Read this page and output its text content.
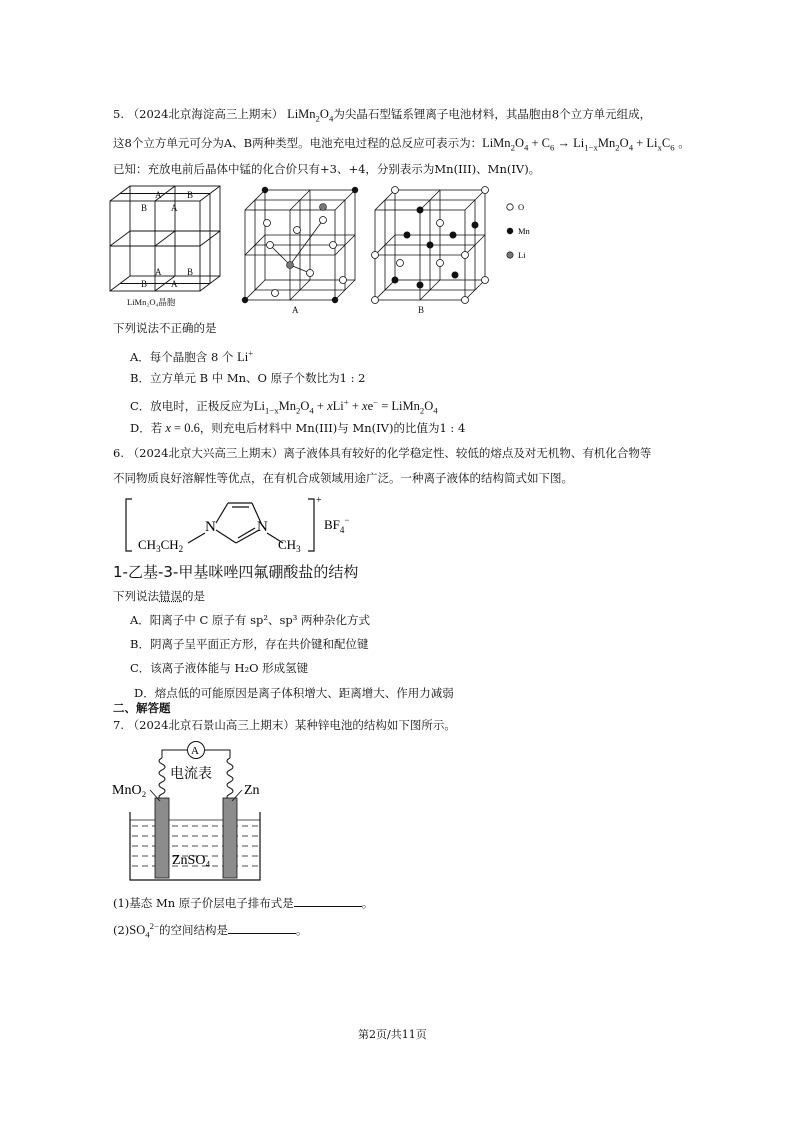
5. （2024北京海淀高三上期末） $LiMn_2O_4$为尖晶石型锰系锂离子电池材料，其晶胞由8个立方单元组成，
这8个立方单元可分为A、B两种类型。电池充电过程的总反应可表示为：$LiMn_2O_4 + C_6 \to Li_{1-x}Mn_2O_4 + Li_xC_6$ 。
已知：充放电前后晶体中锰的化合价只有+3、+4，分别表示为Mn(III)、Mn(IV)。
A	B
B	A
A	B
B	A
LiMn₂O₄晶胞
A	B
O
Mn
Li
下列说法不正确的是
A．每个晶胞含 8 个 Li+
B．立方单元 B 中 Mn、O 原子个数比为1 : 2
C．放电时，正极反应为$Li_{1-x}Mn_2O_4 + xLi^+ + xe^-$ = $LiMn_2O_4$
D．若 x = 0.6，则充电后材料中 Mn(III)与 Mn(IV)的比值为1 : 4
6. （2024北京大兴高三上期末）离子液体具有较好的化学稳定性、较低的熔点及对无机物、有机化合物等
不同物质良好溶解性等优点，在有机合成领域用途广泛。一种离子液体的结构简式如下图。
N	N
$CH_3CH_2$	$CH_3$
+
$BF_4^-$
1-乙基-3-甲基咪唑四氟硼酸盐的结构
下列说法错误的是
A．阳离子中 C 原子有 sp²、sp³ 两种杂化方式
B．阴离子呈平面正方形，存在共价键和配位键
C．该离子液体能与 H₂O 形成氢键
D．熔点低的可能原因是离子体积增大、距离增大、作用力减弱
二、解答题
7. （2024北京石景山高三上期末）某种锌电池的结构如下图所示。
A
电流表
MnO₂	Zn
ZnSO₄
(1)基态 Mn 原子价层电子排布式是	。
$(2)SO_4^{2-}$的空间结构是	。
第2页/共11页
